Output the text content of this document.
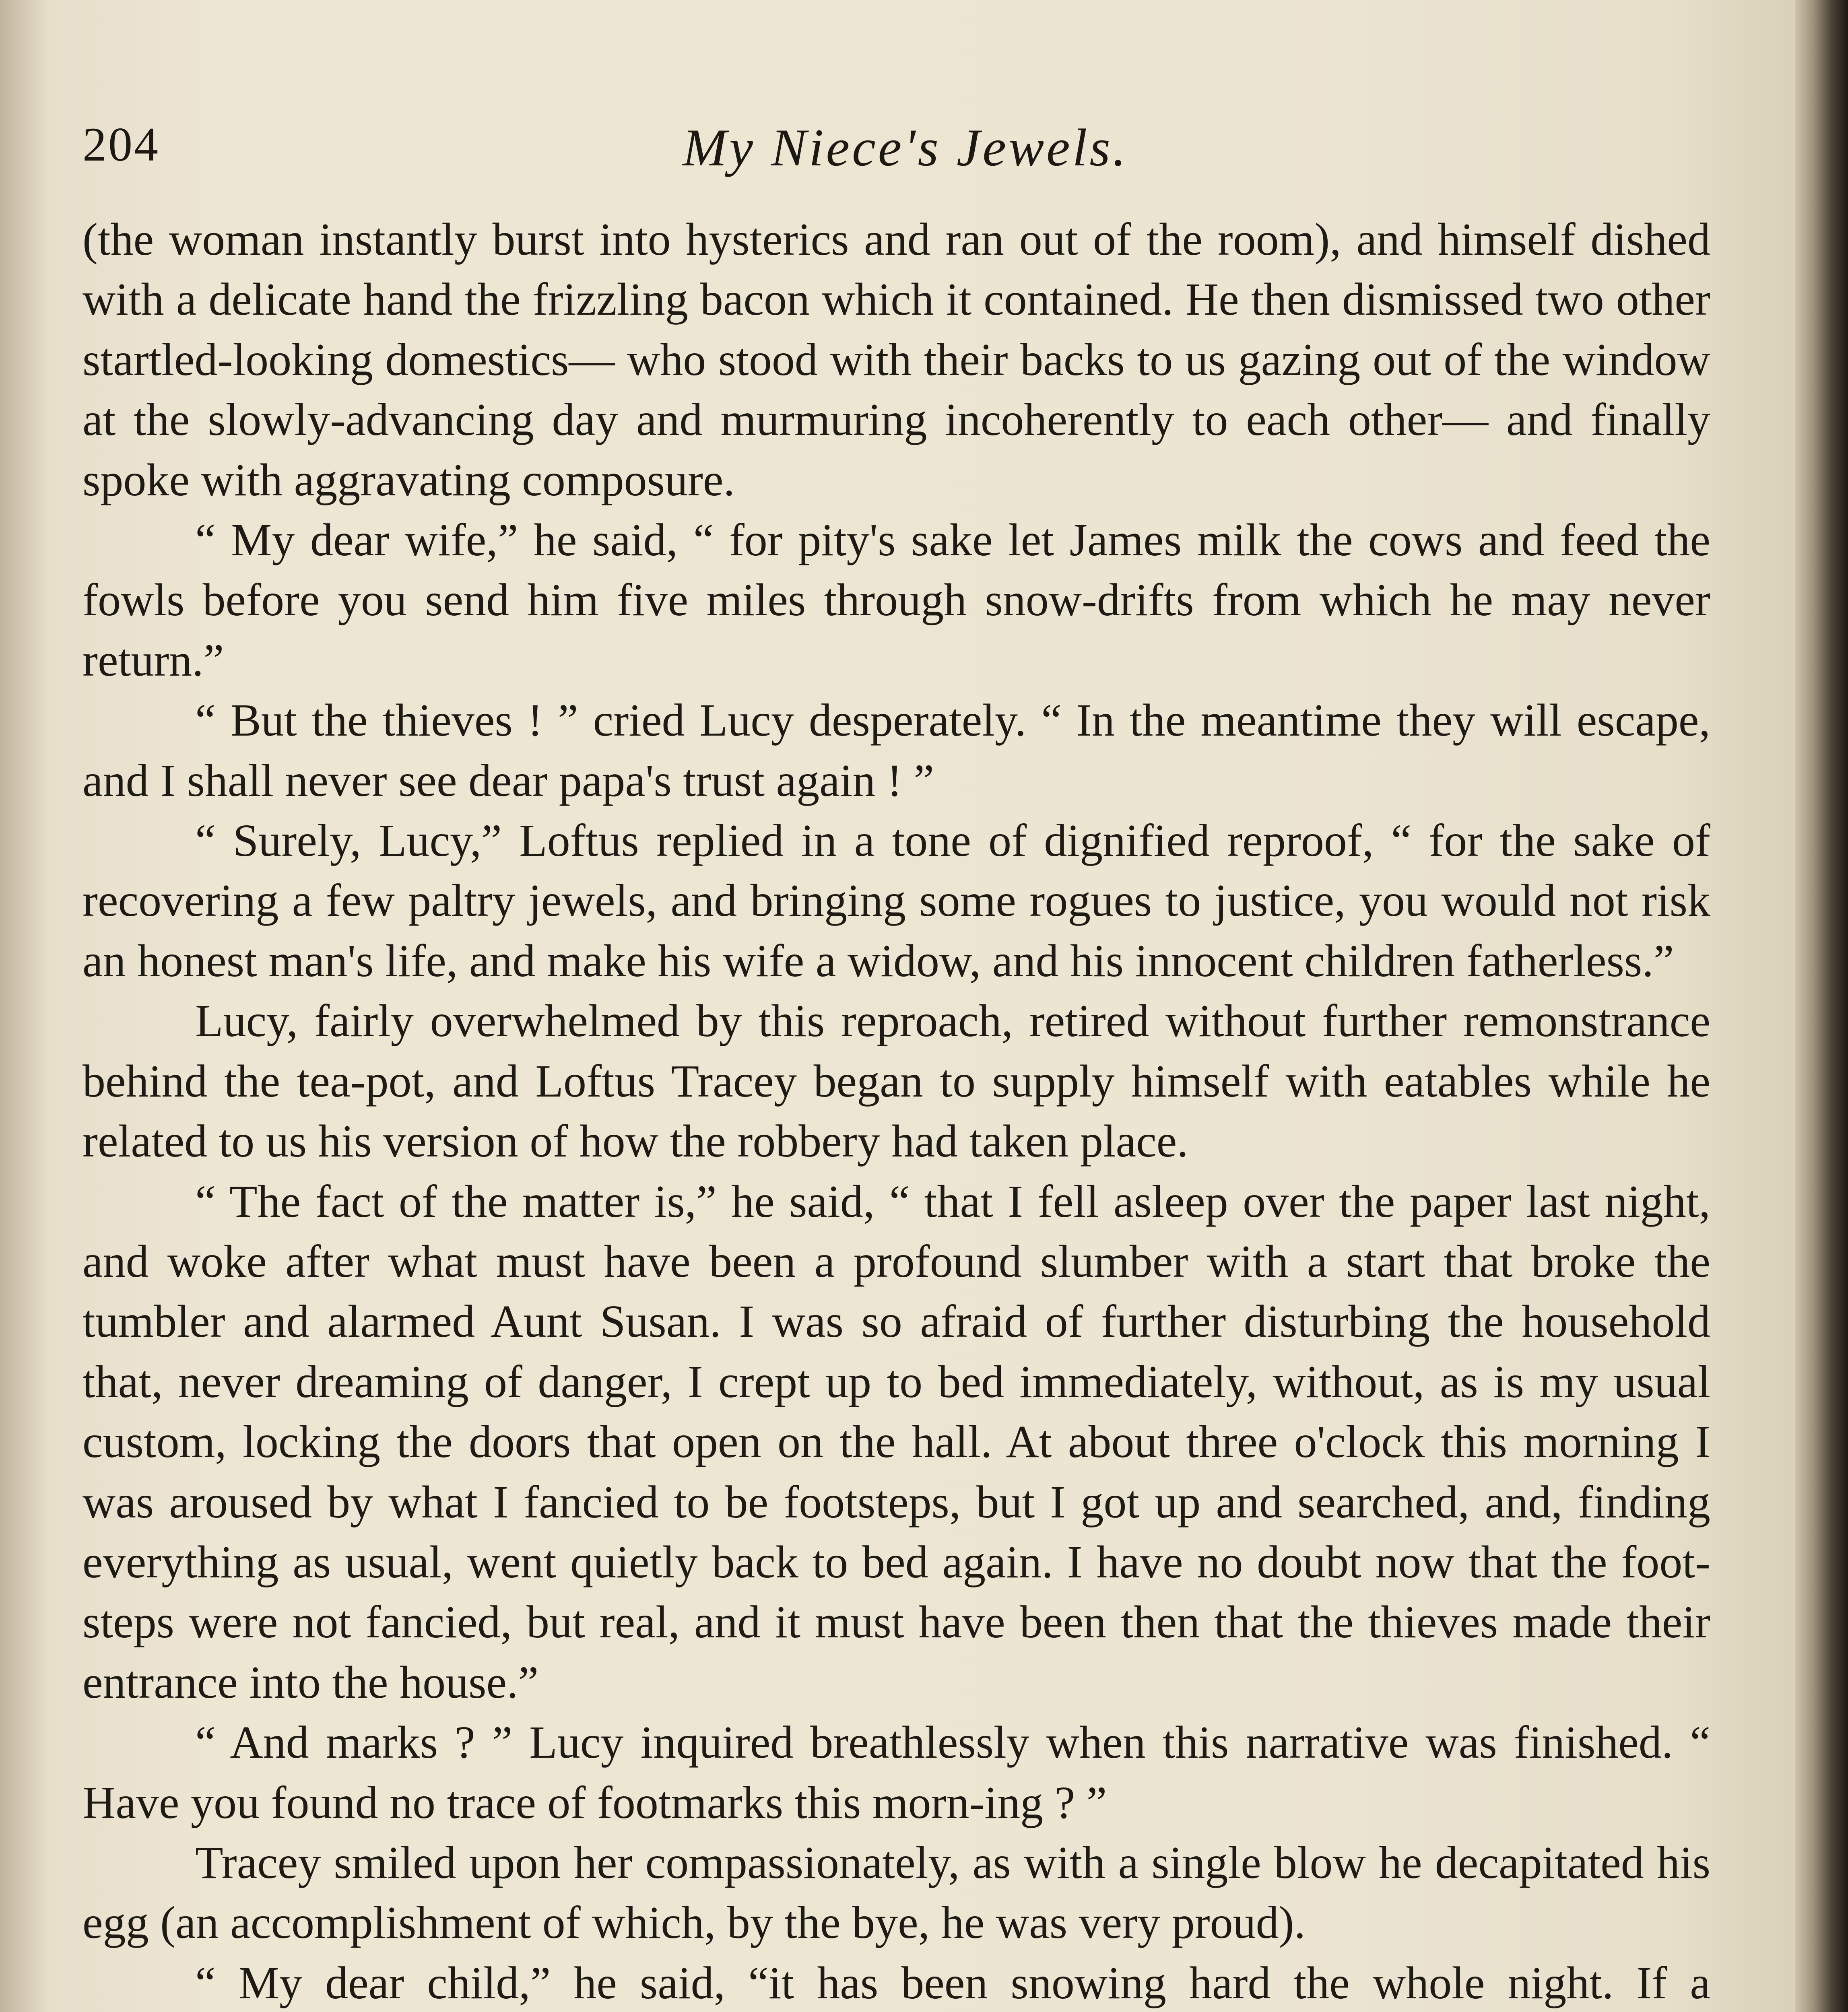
204	My Niece's Jewels.

(the woman instantly burst into hysterics and ran out of the room), and himself dished with a delicate hand the frizzling bacon which it contained. He then dismissed two other startled-looking domestics— who stood with their backs to us gazing out of the window at the slowly-advancing day and murmuring incoherently to each other— and finally spoke with aggravating composure.

“ My dear wife,” he said, “ for pity's sake let James milk the cows and feed the fowls before you send him five miles through snow-drifts from which he may never return.”

“ But the thieves ! ” cried Lucy desperately. “ In the meantime they will escape, and I shall never see dear papa's trust again ! ”

“ Surely, Lucy,” Loftus replied in a tone of dignified reproof, “ for the sake of recovering a few paltry jewels, and bringing some rogues to justice, you would not risk an honest man's life, and make his wife a widow, and his innocent children fatherless.”

Lucy, fairly overwhelmed by this reproach, retired without further remonstrance behind the tea-pot, and Loftus Tracey began to supply himself with eatables while he related to us his version of how the robbery had taken place.

“ The fact of the matter is,” he said, “ that I fell asleep over the paper last night, and woke after what must have been a profound slumber with a start that broke the tumbler and alarmed Aunt Susan. I was so afraid of further disturbing the household that, never dreaming of danger, I crept up to bed immediately, without, as is my usual custom, locking the doors that open on the hall. At about three o'clock this morning I was aroused by what I fancied to be footsteps, but I got up and searched, and, finding everything as usual, went quietly back to bed again. I have no doubt now that the foot-steps were not fancied, but real, and it must have been then that the thieves made their entrance into the house.”

“ And marks ? ” Lucy inquired breathlessly when this narrative was finished. “ Have you found no trace of footmarks this morn-ing ? ”

Tracey smiled upon her compassionately, as with a single blow he decapitated his egg (an accomplishment of which, by the bye, he was very proud).

“ My dear child,” he said, “it has been snowing hard the whole night. If a
